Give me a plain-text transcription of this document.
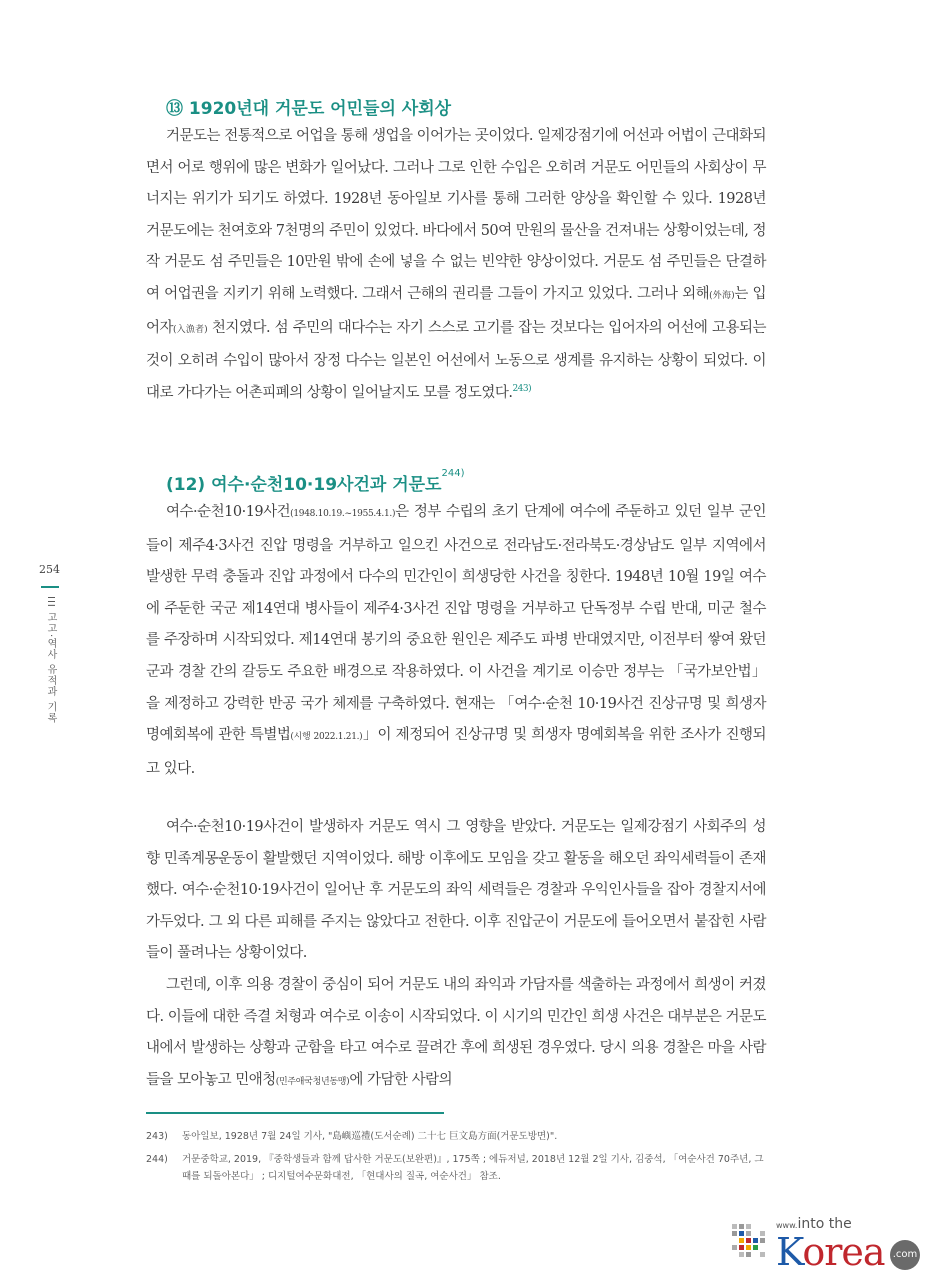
⑬ 1920년대 거문도 어민들의 사회상

거문도는 전통적으로 어업을 통해 생업을 이어가는 곳이었다. 일제강점기에 어선과 어법이 근대화되면서 어로 행위에 많은 변화가 일어났다. 그러나 그로 인한 수입은 오히려 거문도 어민들의 사회상이 무너지는 위기가 되기도 하였다. 1928년 동아일보 기사를 통해 그러한 양상을 확인할 수 있다. 1928년 거문도에는 천여호와 7천명의 주민이 있었다. 바다에서 50여 만원의 물산을 건져내는 상황이었는데, 정작 거문도 섬 주민들은 10만원 밖에 손에 넣을 수 없는 빈약한 양상이었다. 거문도 섬 주민들은 단결하여 어업권을 지키기 위해 노력했다. 그래서 근해의 권리를 그들이 가지고 있었다. 그러나 외해(外海)는 입어자(入漁者) 천지였다. 섬 주민의 대다수는 자기 스스로 고기를 잡는 것보다는 입어자의 어선에 고용되는 것이 오히려 수입이 많아서 장정 다수는 일본인 어선에서 노동으로 생계를 유지하는 상황이 되었다. 이대로 가다가는 어촌피폐의 상황이 일어날지도 모를 정도였다.$^{243)}$

(12) 여수·순천10·19사건과 거문도$^{244)}$

여수·순천10·19사건(1948.10.19.~1955.4.1.)은 정부 수립의 초기 단계에 여수에 주둔하고 있던 일부 군인들이 제주4·3사건 진압 명령을 거부하고 일으킨 사건으로 전라남도·전라북도·경상남도 일부 지역에서 발생한 무력 충돌과 진압 과정에서 다수의 민간인이 희생당한 사건을 칭한다. 1948년 10월 19일 여수에 주둔한 국군 제14연대 병사들이 제주4·3사건 진압 명령을 거부하고 단독정부 수립 반대, 미군 철수를 주장하며 시작되었다. 제14연대 봉기의 중요한 원인은 제주도 파병 반대였지만, 이전부터 쌓여 왔던 군과 경찰 간의 갈등도 주요한 배경으로 작용하였다. 이 사건을 계기로 이승만 정부는 「국가보안법」을 제정하고 강력한 반공 국가 체제를 구축하였다. 현재는 「여수·순천 10·19사건 진상규명 및 희생자 명예회복에 관한 특별법(시행 2022.1.21.)」이 제정되어 진상규명 및 희생자 명예회복을 위한 조사가 진행되고 있다.

여수·순천10·19사건이 발생하자 거문도 역시 그 영향을 받았다. 거문도는 일제강점기 사회주의 성향 민족계몽운동이 활발했던 지역이었다. 해방 이후에도 모임을 갖고 활동을 해오던 좌익세력들이 존재했다. 여수·순천10·19사건이 일어난 후 거문도의 좌익 세력들은 경찰과 우익인사들을 잡아 경찰지서에 가두었다. 그 외 다른 피해를 주지는 않았다고 전한다. 이후 진압군이 거문도에 들어오면서 붙잡힌 사람들이 풀려나는 상황이었다.

그런데, 이후 의용 경찰이 중심이 되어 거문도 내의 좌익과 가담자를 색출하는 과정에서 희생이 커졌다. 이들에 대한 즉결 처형과 여수로 이송이 시작되었다. 이 시기의 민간인 희생 사건은 대부분은 거문도 내에서 발생하는 상황과 군함을 타고 여수로 끌려간 후에 희생된 경우였다. 당시 의용 경찰은 마을 사람들을 모아놓고 민애청(민주애국청년동맹)에 가담한 사람의

254
III 고고·역사 유적과 기록
243) 동아일보, 1928년 7월 24일 기사, "島嶼巡禮(도서순례) 二十七 巨文島方面(거문도방면)".
244) 거문중학교, 2019, 『중학생들과 함께 답사한 거문도(보완편)』, 175쪽 ; 에듀저널, 2018년 12월 2일 기사, 김중석, 「여순사건 70주년, 그때를 되돌아본다」 ; 디지털여수문화대전, 「현대사의 질곡, 여순사건」 참조.
www.into the
Korea .com
